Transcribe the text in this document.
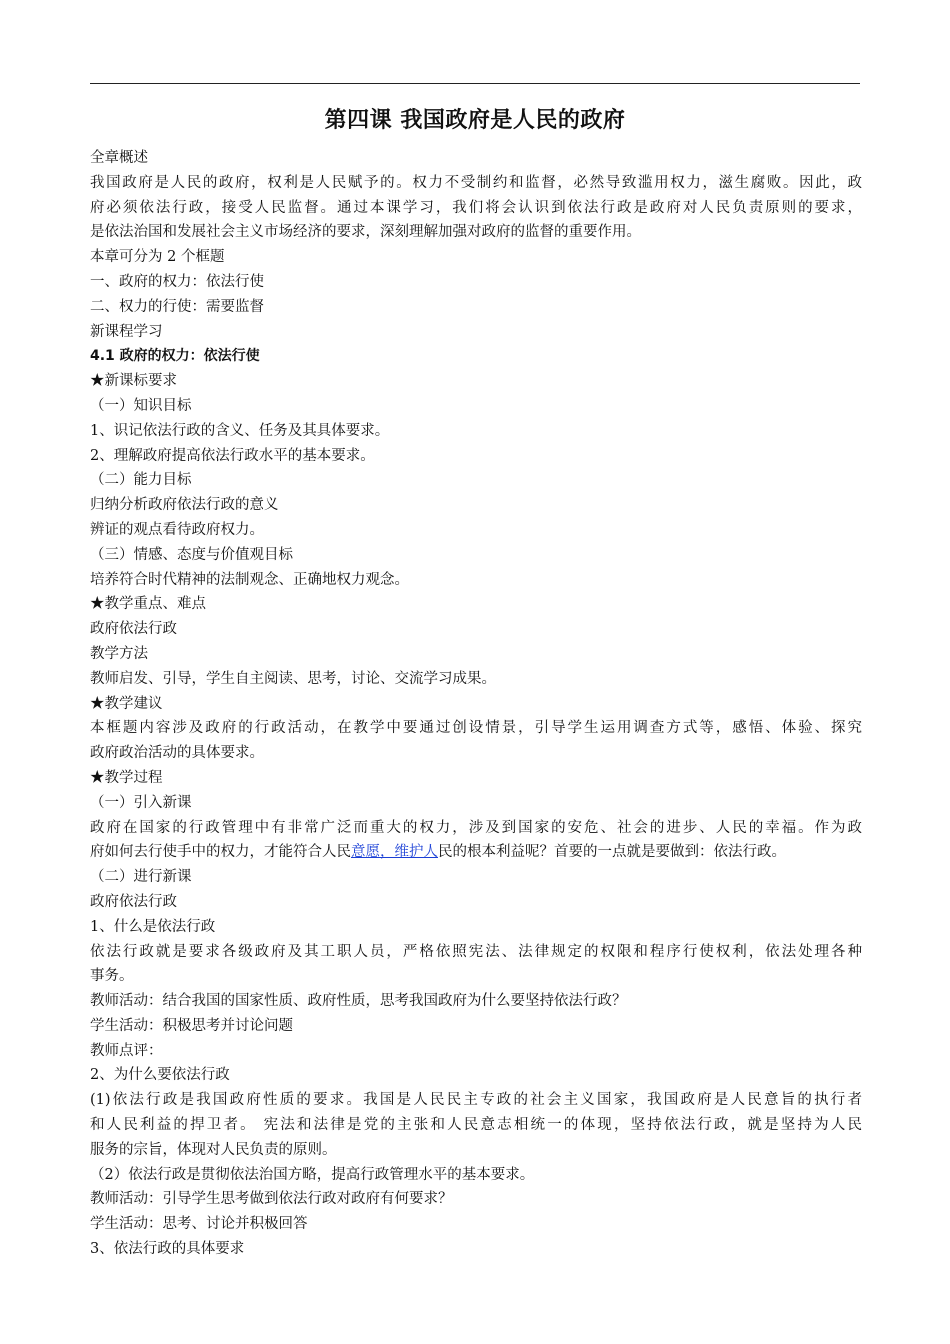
第四课 我国政府是人民的政府
全章概述
我国政府是人民的政府，权利是人民赋予的。权力不受制约和监督，必然导致滥用权力，滋生腐败。因此，政
府必须依法行政，接受人民监督。通过本课学习，我们将会认识到依法行政是政府对人民负责原则的要求，
是依法治国和发展社会主义市场经济的要求，深刻理解加强对政府的监督的重要作用。
本章可分为 2 个框题
一、政府的权力：依法行使
二、权力的行使：需要监督
新课程学习
4.1 政府的权力：依法行使
★新课标要求
（一）知识目标
1、识记依法行政的含义、任务及其具体要求。
2、理解政府提高依法行政水平的基本要求。
（二）能力目标
归纳分析政府依法行政的意义
辨证的观点看待政府权力。
（三）情感、态度与价值观目标
培养符合时代精神的法制观念、正确地权力观念。
★教学重点、难点
政府依法行政
教学方法
教师启发、引导，学生自主阅读、思考，讨论、交流学习成果。
★教学建议
本框题内容涉及政府的行政活动，在教学中要通过创设情景，引导学生运用调查方式等，感悟、体验、探究
政府政治活动的具体要求。
★教学过程
（一）引入新课
政府在国家的行政管理中有非常广泛而重大的权力，涉及到国家的安危、社会的进步、人民的幸福。作为政
府如何去行使手中的权力，才能符合人民意愿，维护人民的根本利益呢？首要的一点就是要做到：依法行政。
（二）进行新课
政府依法行政
1、什么是依法行政
依法行政就是要求各级政府及其工职人员，严格依照宪法、法律规定的权限和程序行使权利，依法处理各种
事务。
教师活动：结合我国的国家性质、政府性质，思考我国政府为什么要坚持依法行政？
学生活动：积极思考并讨论问题
教师点评：
2、为什么要依法行政
(1)依法行政是我国政府性质的要求。我国是人民民主专政的社会主义国家，我国政府是人民意旨的执行者
和人民利益的捍卫者。 宪法和法律是党的主张和人民意志相统一的体现，坚持依法行政，就是坚持为人民
服务的宗旨，体现对人民负责的原则。
（2）依法行政是贯彻依法治国方略，提高行政管理水平的基本要求。
教师活动：引导学生思考做到依法行政对政府有何要求？
学生活动：思考、讨论并积极回答
3、依法行政的具体要求
